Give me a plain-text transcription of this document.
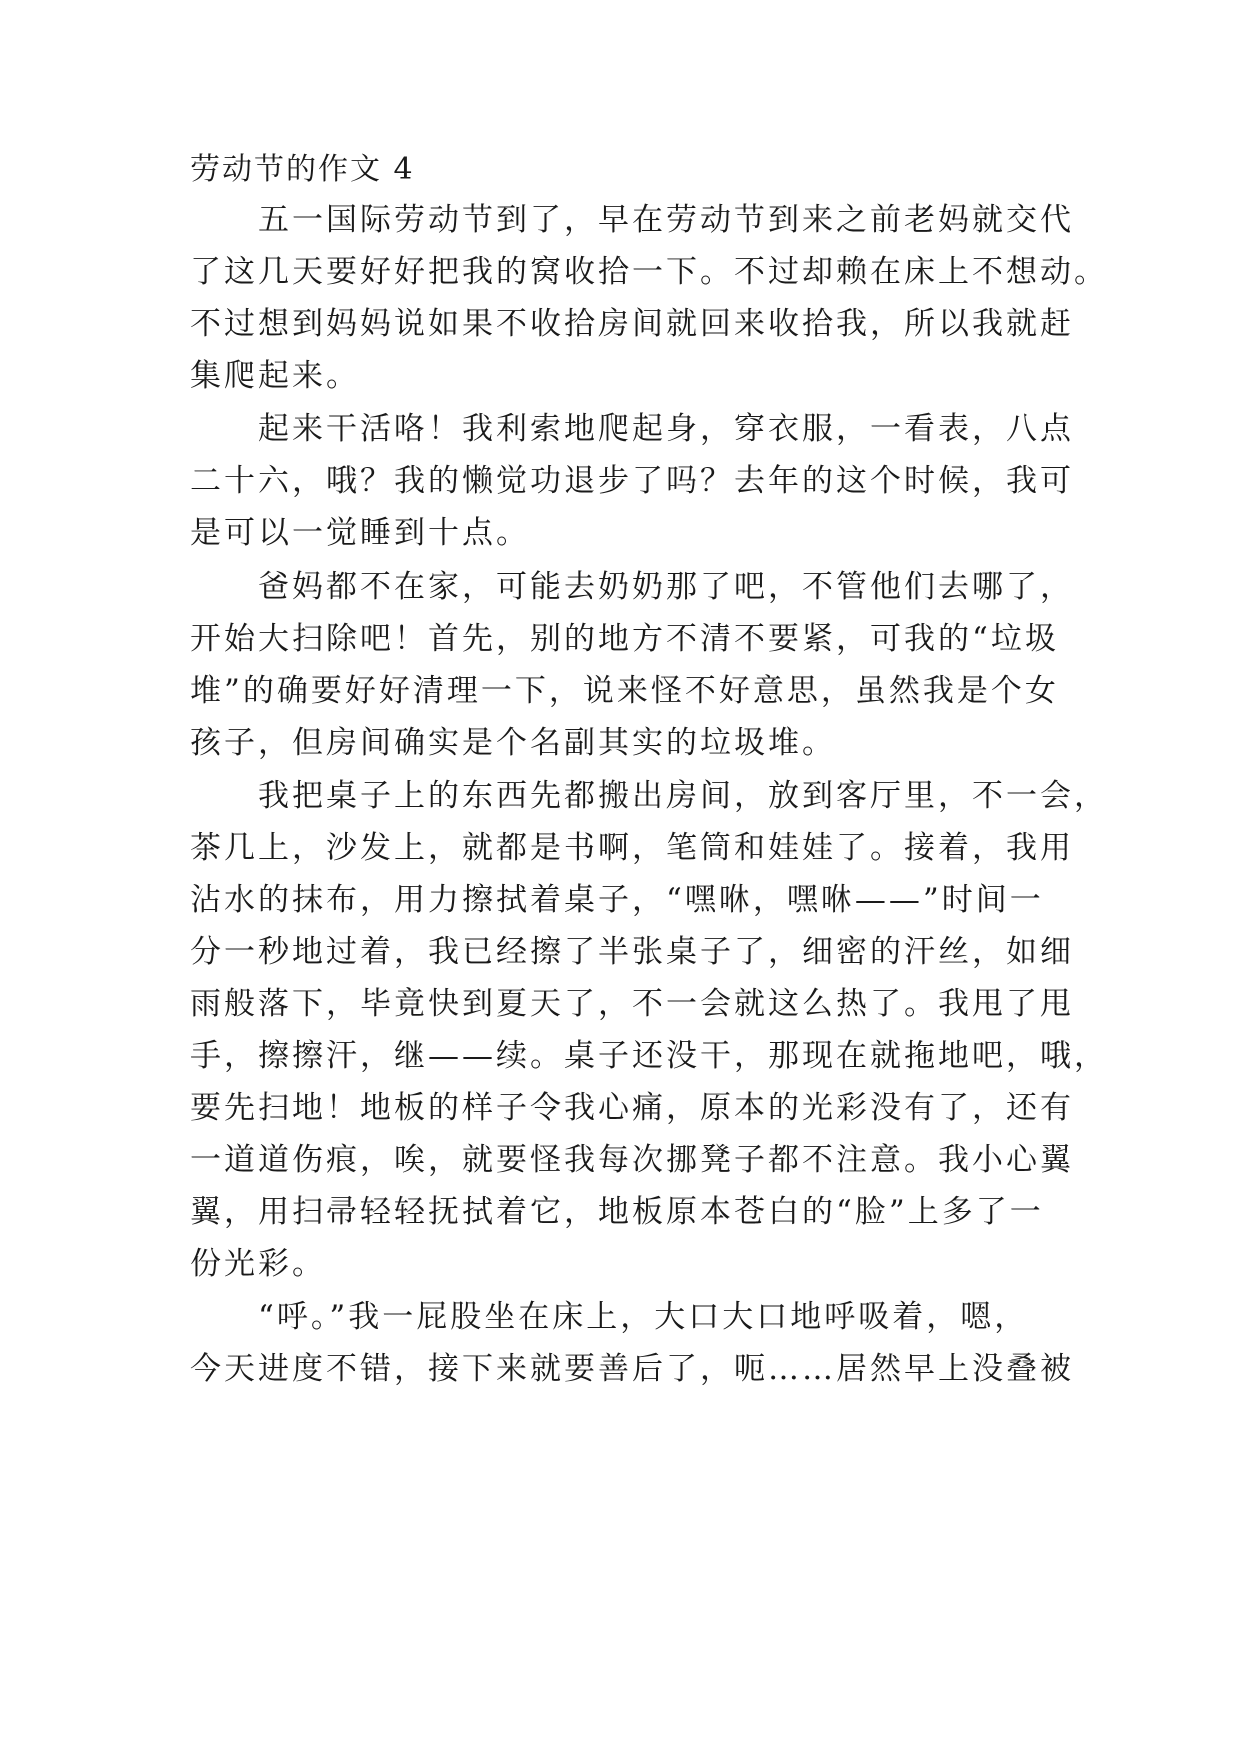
劳动节的作文 4
　　五一国际劳动节到了，早在劳动节到来之前老妈就交代
了这几天要好好把我的窝收拾一下。不过却赖在床上不想动。
不过想到妈妈说如果不收拾房间就回来收拾我，所以我就赶
集爬起来。
　　起来干活咯！我利索地爬起身，穿衣服，一看表，八点
二十六，哦？我的懒觉功退步了吗？去年的这个时候，我可
是可以一觉睡到十点。
　　爸妈都不在家，可能去奶奶那了吧，不管他们去哪了，
开始大扫除吧！首先，别的地方不清不要紧，可我的“垃圾
堆”的确要好好清理一下，说来怪不好意思，虽然我是个女
孩子，但房间确实是个名副其实的垃圾堆。
　　我把桌子上的东西先都搬出房间，放到客厅里，不一会，
茶几上，沙发上，就都是书啊，笔筒和娃娃了。接着，我用
沾水的抹布，用力擦拭着桌子，“嘿咻，嘿咻——”时间一
分一秒地过着，我已经擦了半张桌子了，细密的汗丝，如细
雨般落下，毕竟快到夏天了，不一会就这么热了。我甩了甩
手，擦擦汗，继——续。桌子还没干，那现在就拖地吧，哦，
要先扫地！地板的样子令我心痛，原本的光彩没有了，还有
一道道伤痕，唉，就要怪我每次挪凳子都不注意。我小心翼
翼，用扫帚轻轻抚拭着它，地板原本苍白的“脸”上多了一
份光彩。
　　“呼。”我一屁股坐在床上，大口大口地呼吸着，嗯，
今天进度不错，接下来就要善后了，呃……居然早上没叠被
